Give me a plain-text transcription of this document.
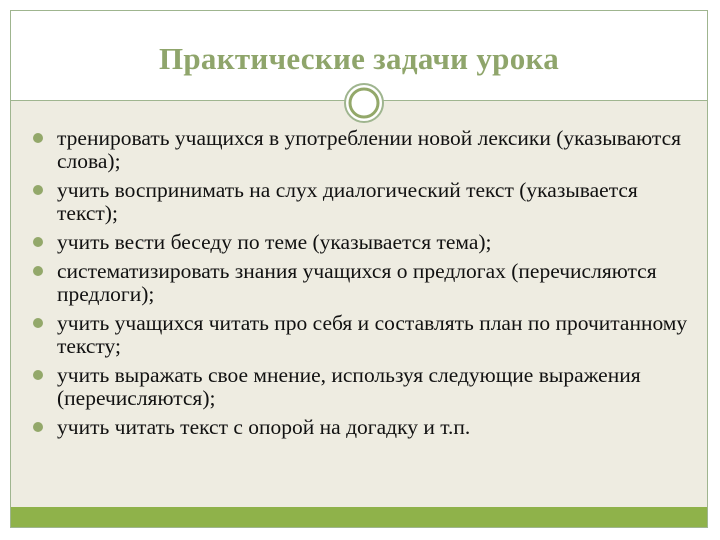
Практические задачи урока
тренировать учащихся в употреблении новой лексики (указываются слова);
учить воспринимать на слух диалогический текст (указывается текст);
учить вести беседу по теме (указывается тема);
систематизировать знания учащихся о предлогах (перечисляются предлоги);
учить учащихся читать про себя и составлять план по прочитанному тексту;
учить выражать свое мнение, используя следующие выражения (перечисляются);
учить читать текст с опорой на догадку и т.п.
